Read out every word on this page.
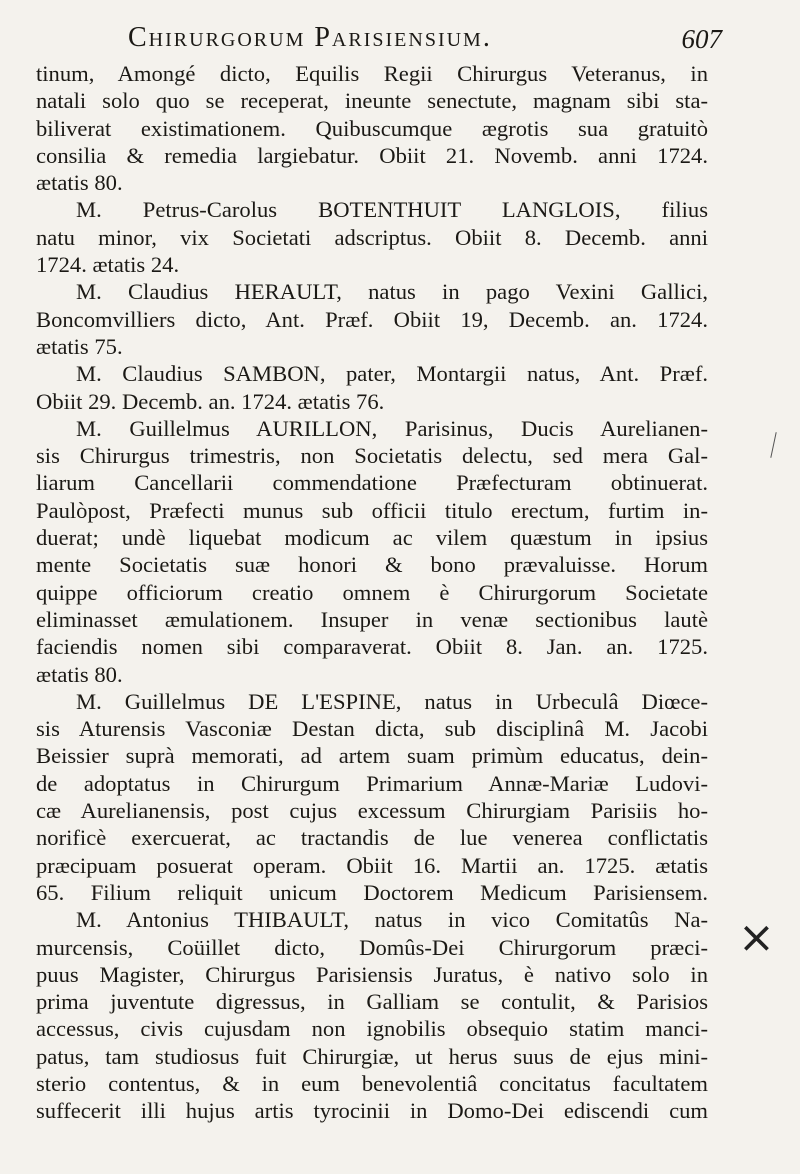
Chirurgorum Parisiensium.	607
tinum, Amongé dicto, Equilis Regii Chirurgus Veteranus, in
natali solo quo se receperat, ineunte senectute, magnam sibi sta-
biliverat existimationem. Quibuscumque ægrotis sua gratuitò
consilia & remedia largiebatur. Obiit 21. Novemb. anni 1724.
ætatis 80.
M. Petrus-Carolus BOTENTHUIT LANGLOIS, filius
natu minor, vix Societati adscriptus. Obiit 8. Decemb. anni
1724. ætatis 24.
M. Claudius HERAULT, natus in pago Vexini Gallici,
Boncomvilliers dicto, Ant. Præf. Obiit 19, Decemb. an. 1724.
ætatis 75.
M. Claudius SAMBON, pater, Montargii natus, Ant. Præf.
Obiit 29. Decemb. an. 1724. ætatis 76.
M. Guillelmus AURILLON, Parisinus, Ducis Aurelianen-
sis Chirurgus trimestris, non Societatis delectu, sed mera Gal-
liarum Cancellarii commendatione Præfecturam obtinuerat.
Paulòpost, Præfecti munus sub officii titulo erectum, furtim in-
duerat; undè liquebat modicum ac vilem quæstum in ipsius
mente Societatis suæ honori & bono prævaluisse. Horum
quippe officiorum creatio omnem è Chirurgorum Societate
eliminasset æmulationem. Insuper in venæ sectionibus lautè
faciendis nomen sibi comparaverat. Obiit 8. Jan. an. 1725.
ætatis 80.
M. Guillelmus DE L'ESPINE, natus in Urbeculâ Diœce-
sis Aturensis Vasconiæ Destan dicta, sub disciplinâ M. Jacobi
Beissier suprà memorati, ad artem suam primùm educatus, dein-
de adoptatus in Chirurgum Primarium Annæ-Mariæ Ludovi-
cæ Aurelianensis, post cujus excessum Chirurgiam Parisiis ho-
norificè exercuerat, ac tractandis de lue venerea conflictatis
præcipuam posuerat operam. Obiit 16. Martii an. 1725. ætatis
65. Filium reliquit unicum Doctorem Medicum Parisiensem.
M. Antonius THIBAULT, natus in vico Comitatûs Na-
murcensis, Coüillet dicto, Domûs-Dei Chirurgorum præci-
puus Magister, Chirurgus Parisiensis Juratus, è nativo solo in
prima juventute digressus, in Galliam se contulit, & Parisios
accessus, civis cujusdam non ignobilis obsequio statim manci-
patus, tam studiosus fuit Chirurgiæ, ut herus suus de ejus mini-
sterio contentus, & in eum benevolentiâ concitatus facultatem
suffecerit illi hujus artis tyrocinii in Domo-Dei ediscendi cum
×
